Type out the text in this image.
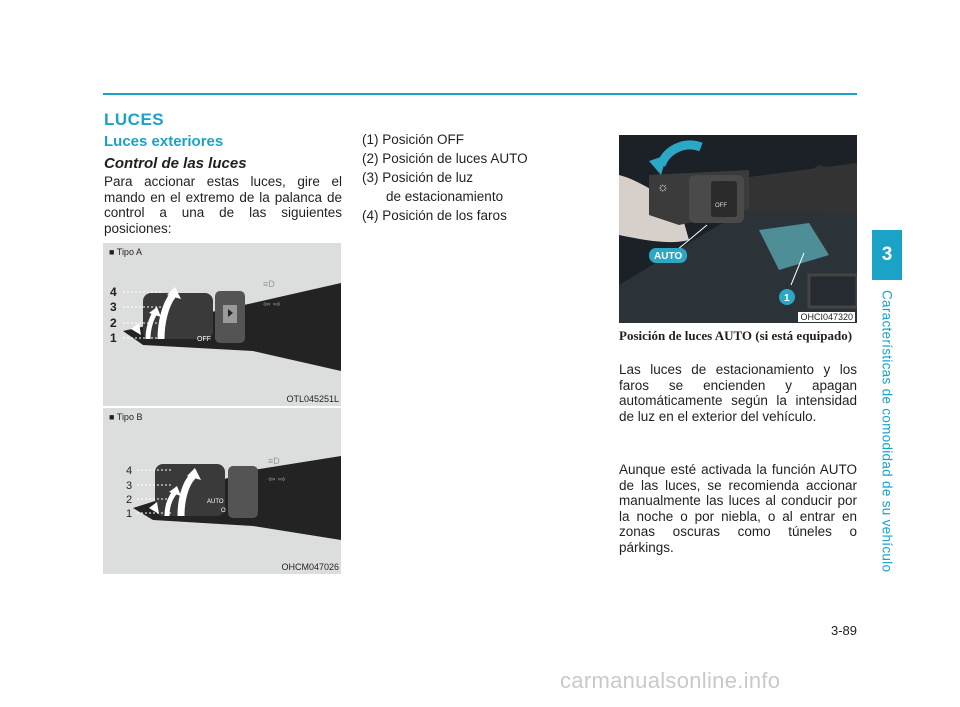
LUCES
Luces exteriores
Control de las luces
Para accionar estas luces, gire el mando en el extremo de la palanca de control a una de las siguientes posiciones:
■ Tipo A
OFF
≡D
⇦ ⇨
4
3
2
1
OTL045251L
■ Tipo B
AUTO
O
≡D
⇦ ⇨
4
3
2
1
OHCM047026
(1) Posición OFF
(2) Posición de luces AUTO
(3) Posición de luz
de estacionamiento
(4) Posición de los faros
☼
OFF
AUTO
1
OHCI047320
Posición de luces AUTO (si está equipado)
Las luces de estacionamiento y los faros se encienden y apagan automáticamente según la intensidad de luz en el exterior del vehículo.
Aunque esté activada la función AUTO de las luces, se recomienda accionar manualmente las luces al conducir por la noche o por niebla, o al entrar en zonas oscuras como túneles o párkings.
3
Características de comodidad de su vehículo
3-89
carmanualsonline.info
